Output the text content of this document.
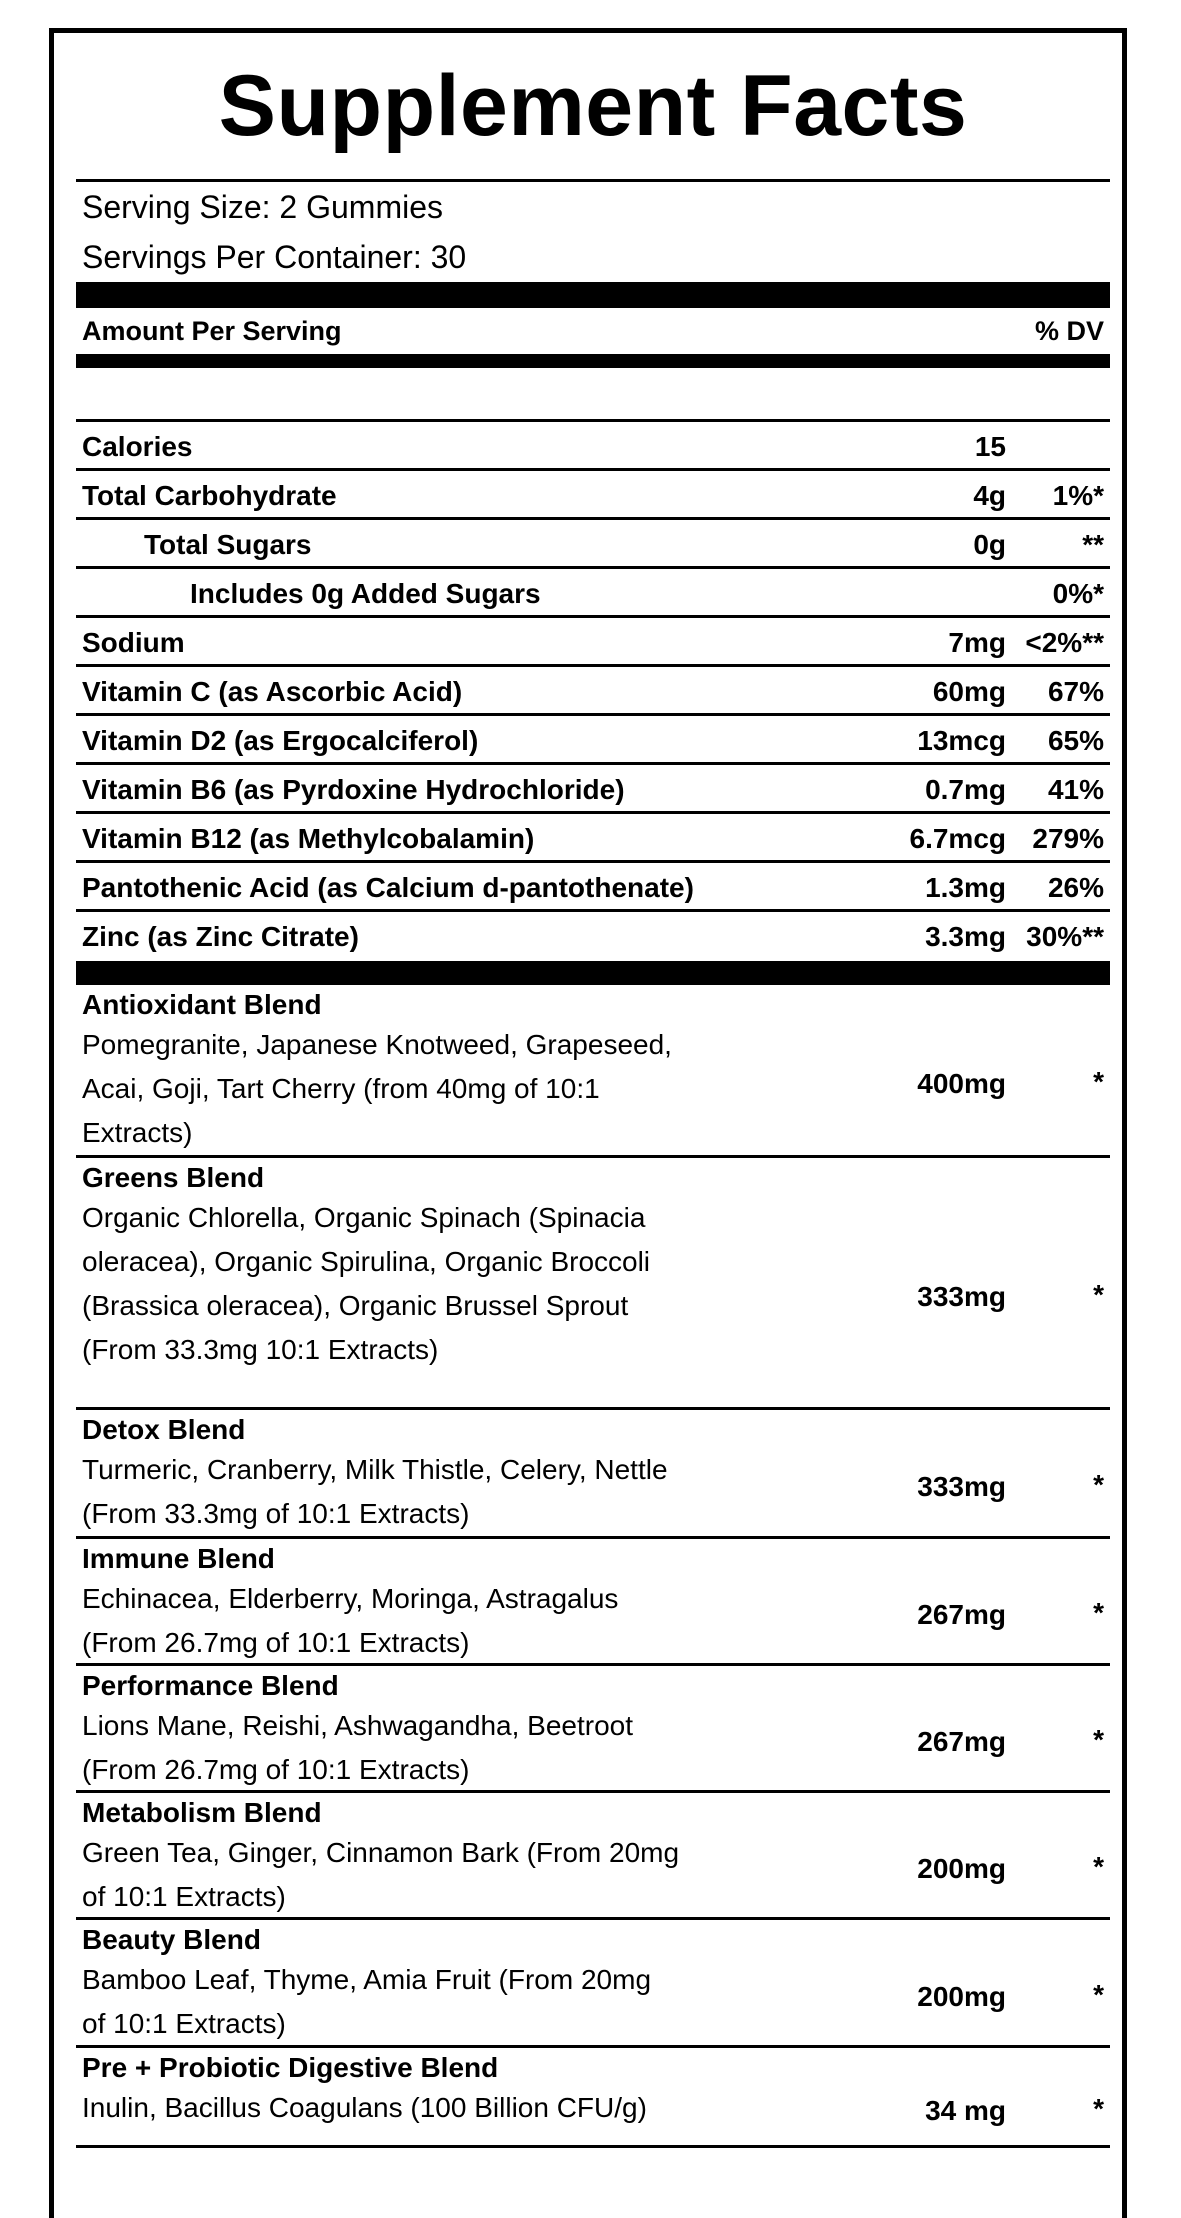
Supplement Facts
Serving Size: 2 Gummies
Servings Per Container: 30
Amount Per Serving	% DV
Calories	15
Total Carbohydrate	4g 1%*
Total Sugars	0g	**
Includes 0g Added Sugars	0%*
Sodium	7mg <2%**
Vitamin C (as Ascorbic Acid)	60mg 67%
Vitamin D2 (as Ergocalciferol)	13mcg 65%
Vitamin B6 (as Pyrdoxine Hydrochloride)	0.7mg 41%
Vitamin B12 (as Methylcobalamin)	6.7mcg 279%
Pantothenic Acid (as Calcium d-pantothenate)	1.3mg 26%
Zinc (as Zinc Citrate)	3.3mg 30%**
Antioxidant Blend
Pomegranite, Japanese Knotweed, Grapeseed,
Acai, Goji, Tart Cherry (from 40mg of 10:1
Extracts)
400mg	*
Greens Blend
Organic Chlorella, Organic Spinach (Spinacia
oleracea), Organic Spirulina, Organic Broccoli
(Brassica oleracea), Organic Brussel Sprout
(From 33.3mg 10:1 Extracts)
333mg	*
Detox Blend
Turmeric, Cranberry, Milk Thistle, Celery, Nettle
(From 33.3mg of 10:1 Extracts)
333mg	*
Immune Blend
Echinacea, Elderberry, Moringa, Astragalus
(From 26.7mg of 10:1 Extracts)
267mg	*
Performance Blend
Lions Mane, Reishi, Ashwagandha, Beetroot
(From 26.7mg of 10:1 Extracts)
267mg	*
Metabolism Blend
Green Tea, Ginger, Cinnamon Bark (From 20mg
of 10:1 Extracts)
200mg	*
Beauty Blend
Bamboo Leaf, Thyme, Amia Fruit (From 20mg
of 10:1 Extracts)
200mg	*
Pre + Probiotic Digestive Blend
Inulin, Bacillus Coagulans (100 Billion CFU/g)	34 mg	*
